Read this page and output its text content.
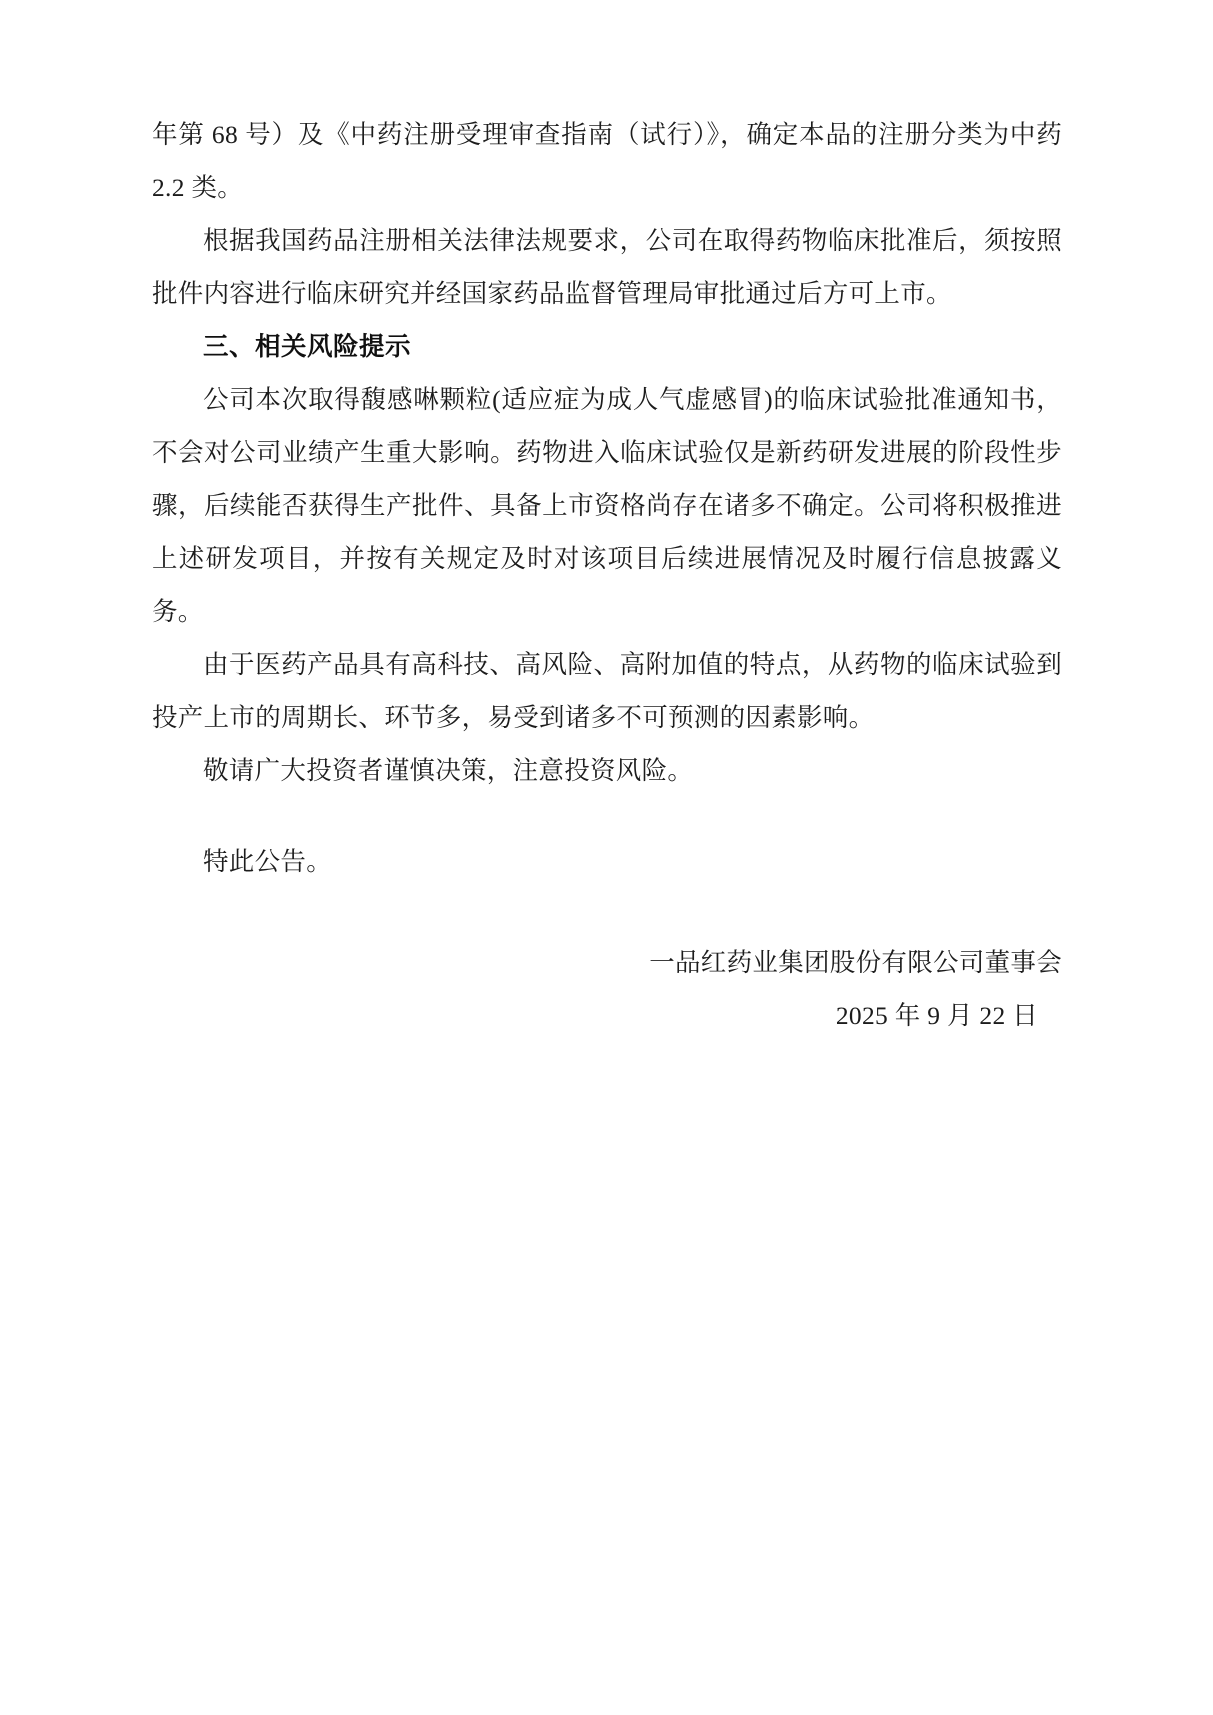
年第 68 号）及《中药注册受理审查指南（试行）》，确定本品的注册分类为中药 2.2 类。

根据我国药品注册相关法律法规要求，公司在取得药物临床批准后，须按照批件内容进行临床研究并经国家药品监督管理局审批通过后方可上市。

三、相关风险提示

公司本次取得馥感啉颗粒(适应症为成人气虚感冒)的临床试验批准通知书，不会对公司业绩产生重大影响。药物进入临床试验仅是新药研发进展的阶段性步骤，后续能否获得生产批件、具备上市资格尚存在诸多不确定。公司将积极推进上述研发项目，并按有关规定及时对该项目后续进展情况及时履行信息披露义务。

由于医药产品具有高科技、高风险、高附加值的特点，从药物的临床试验到投产上市的周期长、环节多，易受到诸多不可预测的因素影响。

敬请广大投资者谨慎决策，注意投资风险。

特此公告。

一品红药业集团股份有限公司董事会

2025 年 9 月 22 日
